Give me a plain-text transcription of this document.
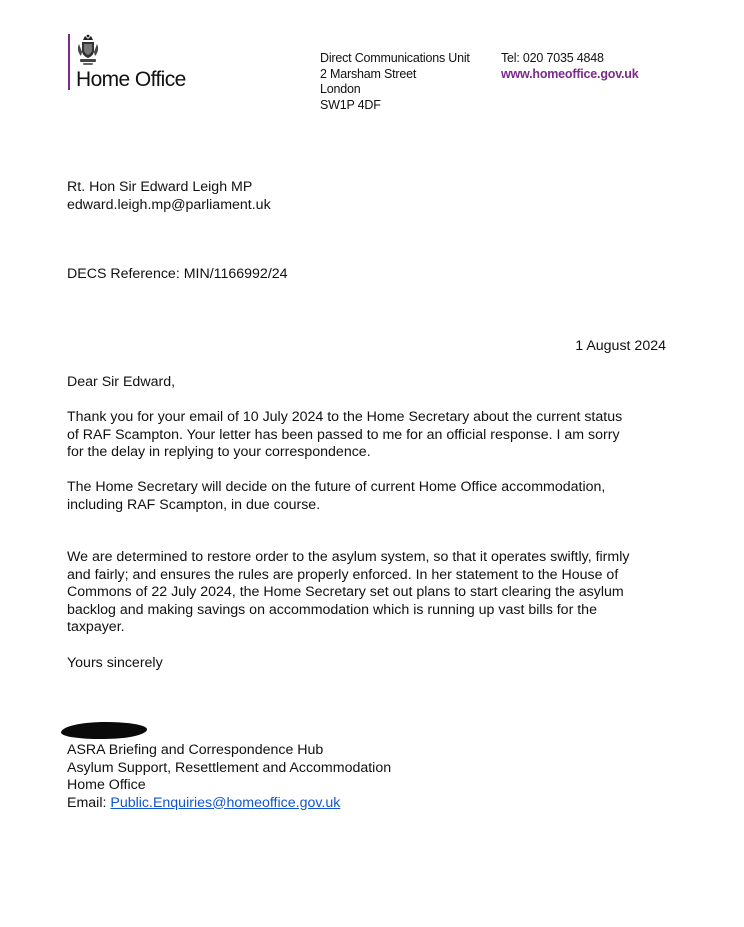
Home Office
Direct Communications Unit
2 Marsham Street
London
SW1P 4DF
Tel: 020 7035 4848
www.homeoffice.gov.uk
Rt. Hon Sir Edward Leigh MP
edward.leigh.mp@parliament.uk
DECS Reference: MIN/1166992/24
1 August 2024
Dear Sir Edward,
Thank you for your email of 10 July 2024 to the Home Secretary about the current status
of RAF Scampton. Your letter has been passed to me for an official response. I am sorry
for the delay in replying to your correspondence.
The Home Secretary will decide on the future of current Home Office accommodation,
including RAF Scampton, in due course.
We are determined to restore order to the asylum system, so that it operates swiftly, firmly
and fairly; and ensures the rules are properly enforced. In her statement to the House of
Commons of 22 July 2024, the Home Secretary set out plans to start clearing the asylum
backlog and making savings on accommodation which is running up vast bills for the
taxpayer.
Yours sincerely
ASRA Briefing and Correspondence Hub
Asylum Support, Resettlement and Accommodation
Home Office
Email: Public.Enquiries@homeoffice.gov.uk
